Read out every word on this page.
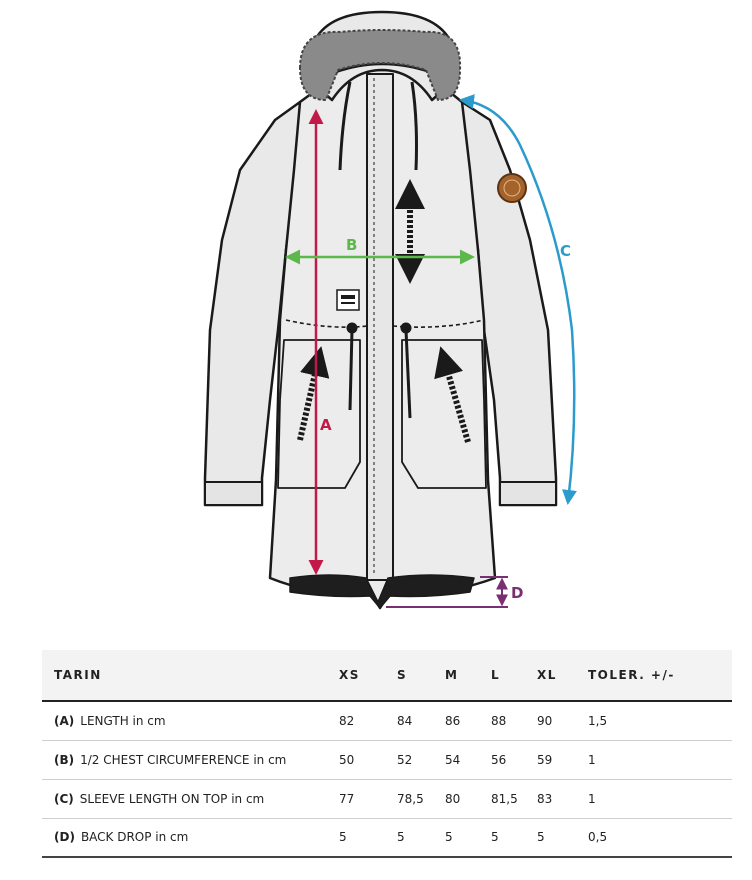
A
B	C
D
TARIN	XS	S	M	L	XL	TOLER. +/-
(A) LENGTH in cm	82	84	86	88	90	1,5
(B) 1/2 CHEST CIRCUMFERENCE in cm	50	52	54	56	59	1
(C) SLEEVE LENGTH ON TOP in cm	77	78,5	80	81,5	83	1
(D) BACK DROP in cm	5	5	5	5	5	0,5
